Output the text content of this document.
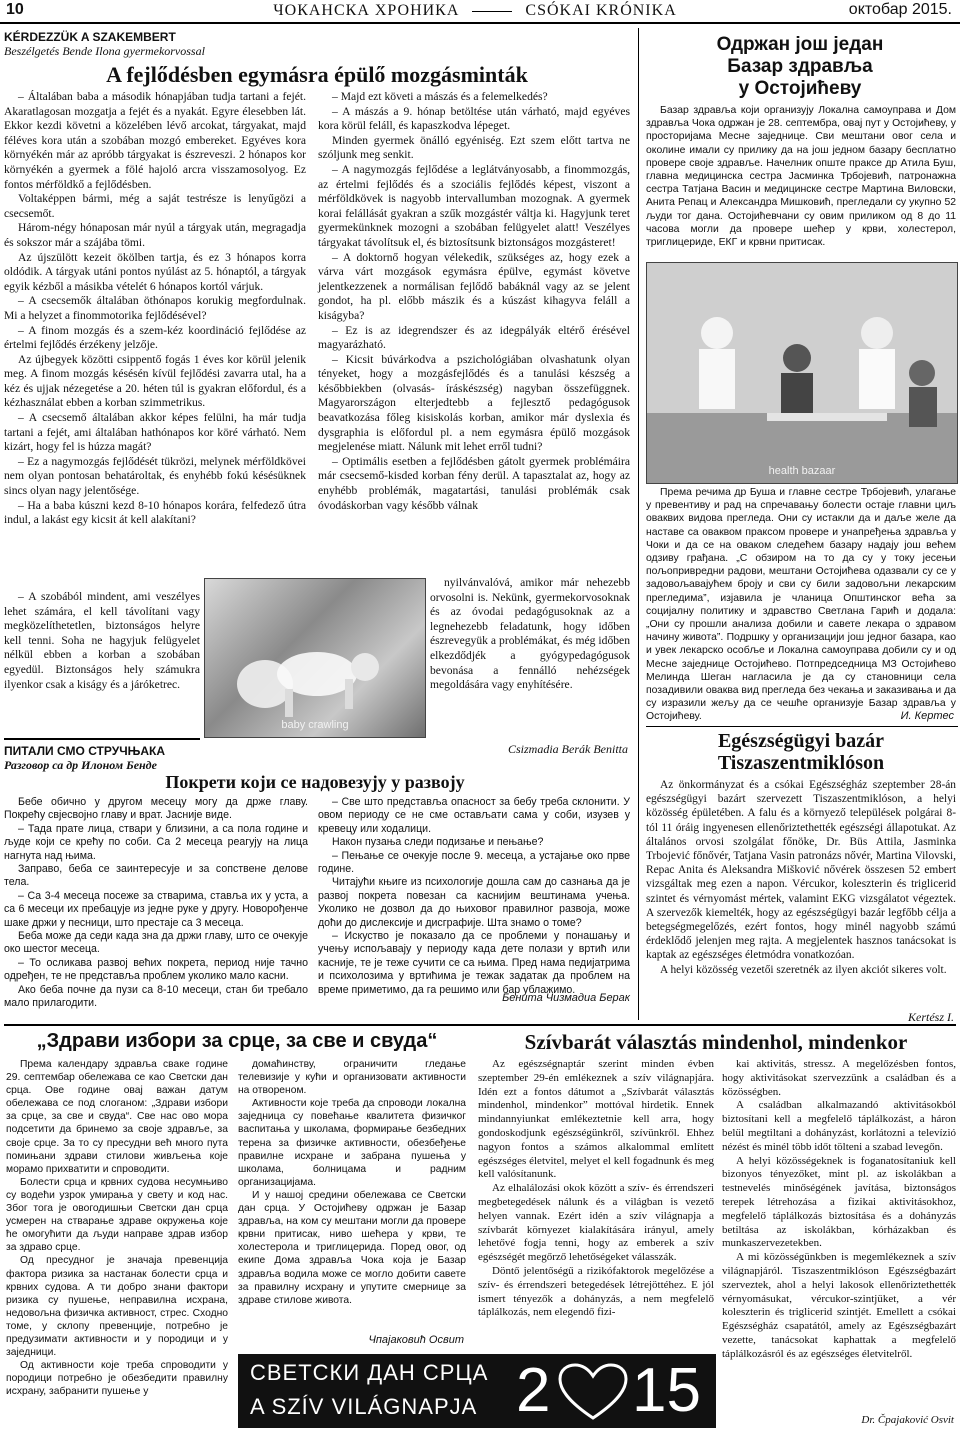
10	ЧОКАНСКА ХРОНИКА	CSÓKAI KRÓNIKA	октобар 2015.
KÉRDEZZÜK A SZAKEMBERT
Beszélgetés Bende Ilona gyermekorvossal
A fejlődésben egymásra épülő mozgásminták

– Általában baba a második hónapjában tudja tartani a fejét. Akaratlagosan mozgatja a fejét és a nyakát. Egyre élesebben lát. Ekkor kezdi követni a közelében lévő arcokat, tárgyakat, majd féléves kora után a szobában mozgó embereket. Egyéves kora környékén már az apróbb tárgyakat is észreveszi. 2 hónapos kor környékén a gyermek a fölé hajoló arcra visszamosolyog. Ez fontos mérföldkő a fejlődésben.

Voltaképpen bármi, még a saját testrésze is lenyűgözi a csecsemőt.

Három-négy hónaposan már nyúl a tárgyak után, megragadja és sokszor már a szájába tömi.

Az újszülött kezeit ökölben tartja, és ez 3 hónapos korra oldódik. A tárgyak utáni pontos nyúlást az 5. hónaptól, a tárgyak egyik kézből a másikba vételét 6 hónapos kortól várjuk.

– A csecsemők általában öthónapos korukig megfordulnak. Mi a helyzet a finommotorika fejlődésével?

– A finom mozgás és a szem-kéz koordináció fejlődése az értelmi fejlődés érzékeny jelzője.

Az újbegyek közötti csippentő fogás 1 éves kor körül jelenik meg. A finom mozgás késésén kívül fejlődési zavarra utal, ha a kéz és ujjak nézegetése a 20. héten túl is gyakran előfordul, és a kézhasználat ebben a korban szimmetrikus.

– A csecsemő általában akkor képes felülni, ha már tudja tartani a fejét, ami általában hathónapos kor köré várható. Nem kizárt, hogy fel is húzza magát?

– Ez a nagymozgás fejlődését tükrözi, melynek mérföldkövei nem olyan pontosan behatároltak, és enyhébb fokú késésüknek sincs olyan nagy jelentősége.

– Ha a baba kúszni kezd 8-10 hónapos korára, felfedező útra indul, a lakást egy kicsit át kell alakítani?

– A szobából mindent, ami veszélyes lehet számára, el kell távolítani vagy megközelíthetetlen, biztonságos helyre kell tenni. Soha ne hagyjuk felügyelet nélkül ebben a korban a szobában egyedül. Biztonságos hely számukra ilyenkor csak a kiságy és a járóketrec.

– Majd ezt követi a mászás és a felemelkedés?

– A mászás a 9. hónap betöltése után várható, majd egyéves kora körül feláll, és kapaszkodva lépeget.

Minden gyermek önálló egyéniség. Ezt szem előtt tartva ne szóljunk meg senkit.

– A nagymozgás fejlődése a leglátványosabb, a finommozgás, az értelmi fejlődés és a szociális fejlődés képest, viszont a mérföldkövek is nagyobb intervallumban mozognak. A gyermek korai felállását gyakran a szűk mozgástér váltja ki. Hagyjunk teret gyermekünknek mozogni a szobában felügyelet alatt! Veszélyes tárgyakat távolítsuk el, és biztosítsunk biztonságos mozgásteret!

– A doktornő hogyan vélekedik, szükséges az, hogy ezek a várva várt mozgások egymásra épülve, egymást követve jelentkezzenek a normálisan fejlődő babáknál vagy az se jelent gondot, ha pl. előbb mászik és a kúszást kihagyva feláll a kiságyba?

– Ez is az idegrendszer és az idegpályák eltérő érésével magyarázható.

– Kicsit búvárkodva a pszichológiában olvashatunk olyan tényeket, hogy a mozgásfejlődés és a tanulási készség a későbbiekben (olvasás- íráskészség) nagyban összefüggnek. Magyarországon elterjedtebb a fejlesztő pedagógusok beavatkozása főleg kisiskolás korban, amikor már dyslexia és dysgraphia is előfordul pl. a nem egymásra épülő mozgások megjelenése miatt. Nálunk mit lehet erről tudni?

– Optimális esetben a fejlődésben gátolt gyermek problémáira már csecsemő-kisded korban fény derül. A tapasztalat az, hogy az enyhébb problémák, magatartási, tanulási problémák csak óvodáskorban vagy később válnak

nyilvánvalóvá, amikor már nehezebb orvosolni is. Nekünk, gyermekorvosoknak és az óvodai pedagógusoknak az a legnehezebb feladatunk, hogy időben észrevegyük a problémákat, és még időben elkezdődjék a gyógypedagógusok bevonása a fennálló nehézségek megoldására vagy enyhítésére.

Csizmadia Berák Benitta
baby crawling
ПИТАЛИ СМО СТРУЧЊАКА
Разговор са др Илоном Бенде
Покрети који се надовезују у развоју

Бебе обично у другом месецу могу да држе главу. Покрећу свјесвојно главу и врат. Јасније виде.

– Тада прате лица, ствари у близини, а са пола године и људе који се крећу по соби. Са 2 месеца реагују на лица нагнута над њима.

Заправо, беба се заинтересује и за сопствене делове тела.

– Са 3-4 месеца посеже за стварима, ставља их у уста, а са 6 месеци их пребацује из једне руке у другу. Новорођенче шаке држи у песници, што престаје са 3 месеца.

Беба може да седи када зна да држи главу, што се очекује око шестог месеца.

– То осликава развој већих покрета, период није тачно одређен, те не представља проблем уколико мало касни.

Ако беба почне да пузи са 8-10 месеци, стан би требало мало прилагодити.

– Све што представља опасност за бебу треба склонити. У овом периоду се не сме остављати сама у соби, изузев у кревецу или ходалици.

Након пузања следи подизање и пењање?

– Пењање се очекује после 9. месеца, а устајање око прве године.

Читајући књиге из психологије дошла сам до сазнања да је развој покрета повезан са каснијим вештинама учења. Уколико не дозвол да до њиховог правилног развоја, може доћи до дислексије и дисграфије. Шта знамо о томе?

– Искуство је показало да се проблеми у понашању и учењу испољавају у периоду када дете полази у вртић или касније, те је теже сучити се са њима. Пред нама педијатрима и психолозима у вртићима је тежак задатак да проблем на време приметимо, да га решимо или бар ублажимо.

Бенита Чизмадиа Берак
Одржан још један
Базар здравља
у Остојићеву

Базар здравља који организују Локална самоуправа и Дом здравља Чока одржан је 28. септембра, овај пут у Остојићеву, у просторијама Месне заједнице. Сви мештани овог села и околине имали су прилику да на још једном базару бесплатно провере своје здравље. Начелник опште праксе др Атила Буш, главна медицинска сестра Јасминка Трбојевић, патронажна сестра Татјана Васин и медицинске сестре Мартина Виловски, Анита Репац и Александра Мишковић, прегледали су укупно 52 људи тог дана. Остојићевчани су овим приликом од 8 до 11 часова могли да провере шећер у крви, холестерол, триглицериде, ЕКГ и крвни притисак.

health bazaar

Према речима др Буша и главне сестре Трбојевић, улагање у превентиву и рад на спречавању болести остаје главни циљ оваквих видова прегледа. Они су истакли да и даље желе да наставе са оваквом праксом провере и унапређења здравља у Чоки и да се на оваком следећем базару надају још већем одзиву грађана. „С обзиром на то да су у току јесењи пољопривредни радови, мештани Остојићева одазвали су се у задовољавајућем броју и сви су били задовољни лекарским прегледима”, изјавила је чланица Општинског већа за социјалну политику и здравство Светлана Гарић и додала: „Они су прошли анализа добили и савете лекара о здравом начину живота”. Подршку у организацији још једног базара, као и увек лекарско особље и Локална самоуправа добили су и од Месне заједнице Остојићево. Потпредседница МЗ Остојићево Мелинда Шеган нагласила је да су становници села позадивили оваква вид прегледа без чекања и заказивања и да су изразили жељу да се чешће организује Базар здравља у Остојићеву.	И. Кертес
Egészségügyi bazár
Tiszaszentmiklóson

Az önkormányzat és a csókai Egészségház szeptember 28-án egészségügyi bazárt szervezett Tiszaszentmiklóson, a helyi közösség épületében. A falu és a környező települések polgárai 8-tól 11 óráig ingyenesen ellenőriztethették egészségi állapotukat. Az általános orvosi szolgálat főnöke, Dr. Büs Attila, Jasminka Trbojević főnővér, Tatjana Vasin patronázs nővér, Martina Vilovski, Repac Anita és Aleksandra Mišković nővérek összesen 52 embert vizsgáltak meg ezen a napon. Vércukor, koleszterin és triglicerid szintet és vérnyomást mértek, valamint EKG vizsgálatot végeztek. A szervezők kiemelték, hogy az egészségügyi bazár legfőbb célja a betegségmegelőzés, ezért fontos, hogy minél nagyobb számú érdeklődő jelenjen meg rajta. A megjelentek hasznos tanácsokat is kaptak az egészséges életmódra vonatkozóan.

A helyi közösség vezetői szeretnék az ilyen akciót sikeres volt.

Kertész I.
„Здрави избори за срце, за све и свуда“

Према календару здравља сваке године 29. септембар обележава се као Светски дан срца. Ове године овај важан датум обележава се под слоганом: „Здрави избори за срце, за све и свуда“. Све нас ово мора подсетити да бринемо за своје здравље, за своје срце. За то су пресудни већ много пута помињани здрави стилови живљења које морамо прихватити и спроводити.

Болести срца и крвних судова несумњиво су водећи узрок умирања у свету и код нас. Због тога је овогодишњи Светски дан срца усмерен на стварање здраве окружења које ће омогућити да људи направе здрав избор за здраво срце.

Од пресудног је значаја превенција фактора ризика за настанак болести срца и крвних судова. А ти добро знани фактори ризика су пушење, неправилна исхрана, недовољна физичка активност, стрес. Сходно томе, у склопу превенције, потребно је предузимати активности и у породици и у заједници.

Од активности које треба спроводити у породици потребно је обезбедити правилну исхрану, забранити пушење у

домаћинству, ограничити гледање телевизије у кући и организовати активности на отвореном.

Активности које треба да спроводи локална заједница су повећање квалитета физичког васпитања у школама, формирање безбедних терена за физичке активности, обезбеђење правилне исхране и забрана пушења у школама, болницама и радним организацијама.

И у нашој средини обележава се Светски дан срца. У Остојићеву одржан је Базар здравља, на ком су мештани могли да провере крвни притисак, ниво шећера у крви, те холестерола и триглицерида. Поред овог, од екипе Дома здравља Чока која је Базар здравља водила може се могло добити савете за правилну исхрану и упутите смернице за здраве стилове живота.

Чпајаковић Освит
Szívbarát választás mindenhol, mindenkor

Az egészségnaptár szerint minden évben szeptember 29-én emlékeznek a szív világnapjára. Idén ezt a fontos dátumot a „Szívbarát választás mindenhol, mindenkor” mottóval hirdetik. Ennek mindannyiunkat emlékeztetnie kell arra, hogy gondoskodjunk egészségünkről, szívünkről. Ehhez nagyon fontos a számos alkalommal említett egészséges életvitel, melyet el kell fogadnunk és meg kell valósítanunk.

Az elhalálozási okok között a szív- és érrendszeri megbetegedések nálunk és a világban is vezető helyen vannak. Ezért idén a szív világnapja a szívbarát környezet kialakítására irányul, amely lehetővé fogja tenni, hogy az emberek a szív egészségét megőrző lehetőségeket válasszák.

Döntő jelentőségű a rizikófaktorok megelőzése a szív- és érrendszeri betegedések létrejöttéhez. E jól ismert tényezők a dohányzás, a nem megfelelő táplálkozás, nem elegendő fizi-

kai aktivitás, stressz. A megelőzésben fontos, hogy aktivitásokat szervezzünk a családban és a közösségben.

A családban alkalmazandó aktivitásokból biztosítani kell a megfelelő táplálkozást, a háron belül megtiltani a dohányzást, korlátozni a televízió nézést és minél több időt tölteni a szabad levegőn.

A helyi közösségeknek is foganatosítaniuk kell bizonyos tényezőket, mint pl. az iskolákban a testnevelés minőségének javítása, biztonságos terepek létrehozása a fizikai aktivitásokhoz, megfelelő táplálkozás biztosítása és a dohányzás betiltása az iskolákban, kórházakban és munkaszervezetekben.

A mi közösségünkben is megemlékeznek a szív világnapjáról. Tiszaszentmiklóson Egészségbazárt szerveztek, ahol a helyi lakosok ellenőriztethették vérnyomásukat, vércukor-szintjüket, a vér koleszterin és triglicerid szintjét. Emellett a csókai Egészségház csapatától, amely az Egészségbazárt vezette, tanácsokat kaphattak a megfelelő táplálkozásról és az egészséges életvitelről.

Dr. Čpajaković Osvit
СВЕТСКИ ДАН СРЦА
A SZÍV VILÁGNAPJA 2 15
